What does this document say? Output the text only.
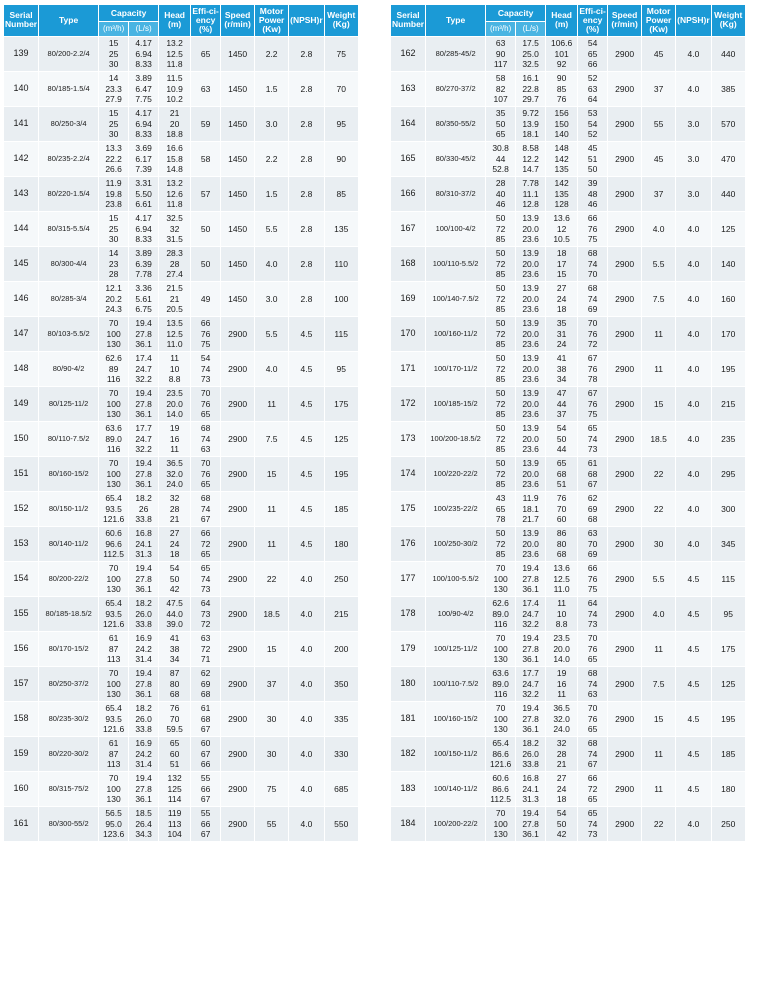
Serial Number	Type	Capacity		Head (m)	Effi-ci-ency (%)	Speed (r/min)	Motor Power (Kw)	(NPSH)r	Weight (Kg)
		(m³/h)	(L/s)						

139	80/200-2.2/4	15
25
30	4.17
6.94
8.33	13.2
12.5
11.8	65	1450	2.2	2.8	75

140	80/185-1.5/4	14
23.3
27.9	3.89
6.47
7.75	11.5
10.9
10.2	63	1450	1.5	2.8	70

141	80/250-3/4	15
25
30	4.17
6.94
8.33	21
20
18.8	59	1450	3.0	2.8	95

142	80/235-2.2/4	13.3
22.2
26.6	3.69
6.17
7.39	16.6
15.8
14.8	58	1450	2.2	2.8	90

143	80/220-1.5/4	11.9
19.8
23.8	3.31
5.50
6.61	13.2
12.6
11.8	57	1450	1.5	2.8	85

144	80/315-5.5/4	15
25
30	4.17
6.94
8.33	32.5
32
31.5	50	1450	5.5	2.8	135

145	80/300-4/4	14
23
28	3.89
6.39
7.78	28.3
28
27.4	50	1450	4.0	2.8	110

146	80/285-3/4	12.1
20.2
24.3	3.36
5.61
6.75	21.5
21
20.5	49	1450	3.0	2.8	100

147	80/103-5.5/2	70
100
130	19.4
27.8
36.1	13.5
12.5
11.0	66
76
75	2900	5.5	4.5	115

148	80/90-4/2	62.6
89
116	17.4
24.7
32.2	11
10
8.8	54
74
73	2900	4.0	4.5	95

149	80/125-11/2	70
100
130	19.4
27.8
36.1	23.5
20.0
14.0	70
76
65	2900	11	4.5	175

150	80/110-7.5/2	63.6
89.0
116	17.7
24.7
32.2	19
16
11	68
74
63	2900	7.5	4.5	125

151	80/160-15/2	70
100
130	19.4
27.8
36.1	36.5
32.0
24.0	70
76
65	2900	15	4.5	195

152	80/150-11/2	65.4
93.5
121.6	18.2
26
33.8	32
28
21	68
74
67	2900	11	4.5	185

153	80/140-11/2	60.6
96.6
112.5	16.8
24.1
31.3	27
24
18	66
72
65	2900	11	4.5	180

154	80/200-22/2	70
100
130	19.4
27.8
36.1	54
50
42	65
74
73	2900	22	4.0	250

155	80/185-18.5/2	65.4
93.5
121.6	18.2
26.0
33.8	47.5
44.0
39.0	64
73
72	2900	18.5	4.0	215

156	80/170-15/2	61
87
113	16.9
24.2
31.4	41
38
34	63
72
71	2900	15	4.0	200

157	80/250-37/2	70
100
130	19.4
27.8
36.1	87
80
68	62
69
68	2900	37	4.0	350

158	80/235-30/2	65.4
93.5
121.6	18.2
26.0
33.8	76
70
59.5	61
68
67	2900	30	4.0	335

159	80/220-30/2	61
87
113	16.9
24.2
31.4	65
60
51	60
67
66	2900	30	4.0	330

160	80/315-75/2	70
100
130	19.4
27.8
36.1	132
125
114	55
66
67	2900	75	4.0	685

161	80/300-55/2	56.5
95.0
123.6	18.5
26.4
34.3	119
113
104	55
66
67	2900	55	4.0	550
Serial Number	Type	Capacity		Head (m)	Effi-ci-ency (%)	Speed (r/min)	Motor Power (Kw)	(NPSH)r	Weight (Kg)
		(m³/h)	(L/s)						

162	80/285-45/2	63
90
117	17.5
25.0
32.5	106.6
101
92	54
65
66	2900	45	4.0	440

163	80/270-37/2	58
82
107	16.1
22.8
29.7	90
85
76	52
63
64	2900	37	4.0	385

164	80/350-55/2	35
50
65	9.72
13.9
18.1	156
150
140	53
54
52	2900	55	3.0	570

165	80/330-45/2	30.8
44
52.8	8.58
12.2
14.7	148
142
135	45
51
50	2900	45	3.0	470

166	80/310-37/2	28
40
46	7.78
11.1
12.8	142
135
128	39
48
46	2900	37	3.0	440

167	100/100-4/2	50
72
85	13.9
20.0
23.6	13.6
12
10.5	66
76
75	2900	4.0	4.0	125

168	100/110-5.5/2	50
72
85	13.9
20.0
23.6	18
17
15	68
74
70	2900	5.5	4.0	140

169	100/140-7.5/2	50
72
85	13.9
20.0
23.6	27
24
18	68
74
69	2900	7.5	4.0	160

170	100/160-11/2	50
72
85	13.9
20.0
23.6	35
31
24	70
76
72	2900	11	4.0	170

171	100/170-11/2	50
72
85	13.9
20.0
23.6	41
38
34	67
76
78	2900	11	4.0	195

172	100/185-15/2	50
72
85	13.9
20.0
23.6	47
44
37	67
76
75	2900	15	4.0	215

173	100/200-18.5/2	50
72
85	13.9
20.0
23.6	54
50
44	65
74
73	2900	18.5	4.0	235

174	100/220-22/2	50
72
85	13.9
20.0
23.6	65
68
51	61
68
67	2900	22	4.0	295

175	100/235-22/2	43
65
78	11.9
18.1
21.7	76
70
60	62
69
68	2900	22	4.0	300

176	100/250-30/2	50
72
85	13.9
20.0
23.6	86
80
68	63
70
69	2900	30	4.0	345

177	100/100-5.5/2	70
100
130	19.4
27.8
36.1	13.6
12.5
11.0	66
76
75	2900	5.5	4.5	115

178	100/90-4/2	62.6
89.0
116	17.4
24.7
32.2	11
10
8.8	64
74
73	2900	4.0	4.5	95

179	100/125-11/2	70
100
130	19.4
27.8
36.1	23.5
20.0
14.0	70
76
65	2900	11	4.5	175

180	100/110-7.5/2	63.6
89.0
116	17.7
24.7
32.2	19
16
11	68
74
63	2900	7.5	4.5	125

181	100/160-15/2	70
100
130	19.4
27.8
36.1	36.5
32.0
24.0	70
76
65	2900	15	4.5	195

182	100/150-11/2	65.4
86.6
121.6	18.2
26.0
33.8	32
28
21	68
74
67	2900	11	4.5	185

183	100/140-11/2	60.6
86.6
112.5	16.8
24.1
31.3	27
24
18	66
72
65	2900	11	4.5	180

184	100/200-22/2	70
100
130	19.4
27.8
36.1	54
50
42	65
74
73	2900	22	4.0	250
